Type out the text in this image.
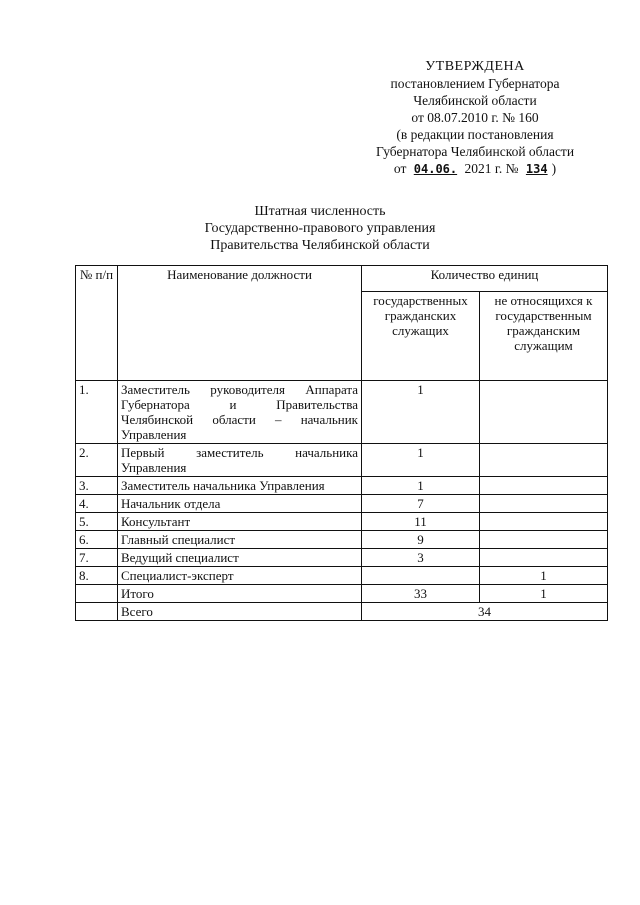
УТВЕРЖДЕНА
постановлением Губернатора
Челябинской области
от 08.07.2010 г. № 160
(в редакции постановления
Губернатора Челябинской области
от 04.06. 2021 г. № 134 )
Штатная численность
Государственно-правового управления
Правительства Челябинской области
№ п/п	Наименование должности	Количество единиц	
		государственных гражданских служащих	не относящихся к государственным гражданским служащим
1.	Заместитель руководителя Аппарата Губернатора и Правительства Челябинской области – начальник Управления	1	
2.	Первый заместитель начальника Управления	1	
3.	Заместитель начальника Управления	1	
4.	Начальник отдела	7	
5.	Консультант	11	
6.	Главный специалист	9	
7.	Ведущий специалист	3	
8.	Специалист-эксперт		1
	Итого	33	1
	Всего	34	
